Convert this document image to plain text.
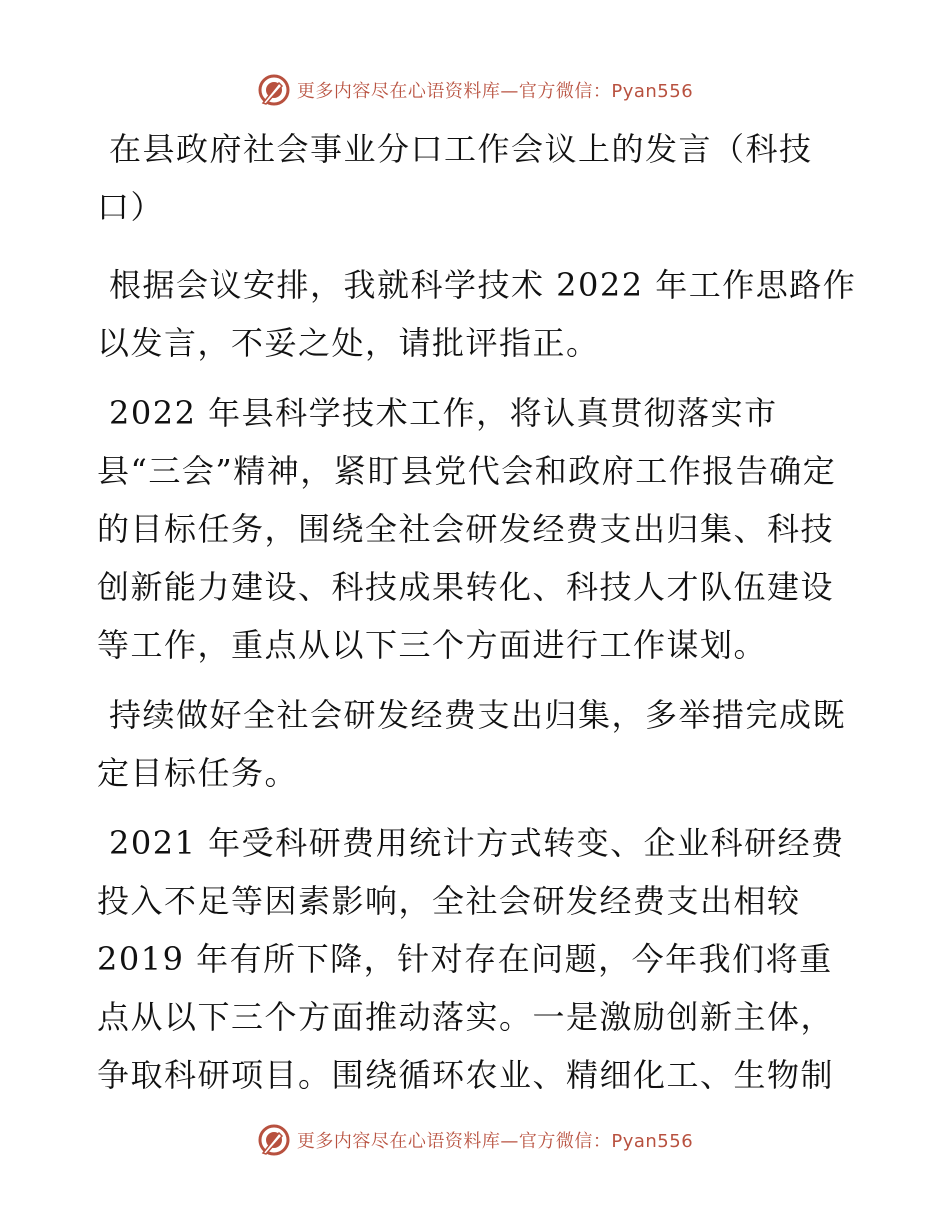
更多内容尽在心语资料库—官方微信：Pyan556

在县政府社会事业分口工作会议上的发言（科技口）

根据会议安排，我就科学技术 2022 年工作思路作以发言，不妥之处，请批评指正。

2022 年县科学技术工作，将认真贯彻落实市县“三会”精神，紧盯县党代会和政府工作报告确定的目标任务，围绕全社会研发经费支出归集、科技创新能力建设、科技成果转化、科技人才队伍建设等工作，重点从以下三个方面进行工作谋划。

持续做好全社会研发经费支出归集，多举措完成既定目标任务。

2021 年受科研费用统计方式转变、企业科研经费投入不足等因素影响，全社会研发经费支出相较 2019 年有所下降，针对存在问题，今年我们将重点从以下三个方面推动落实。一是激励创新主体，争取科研项目。围绕循环农业、精细化工、生物制

更多内容尽在心语资料库—官方微信：Pyan556
